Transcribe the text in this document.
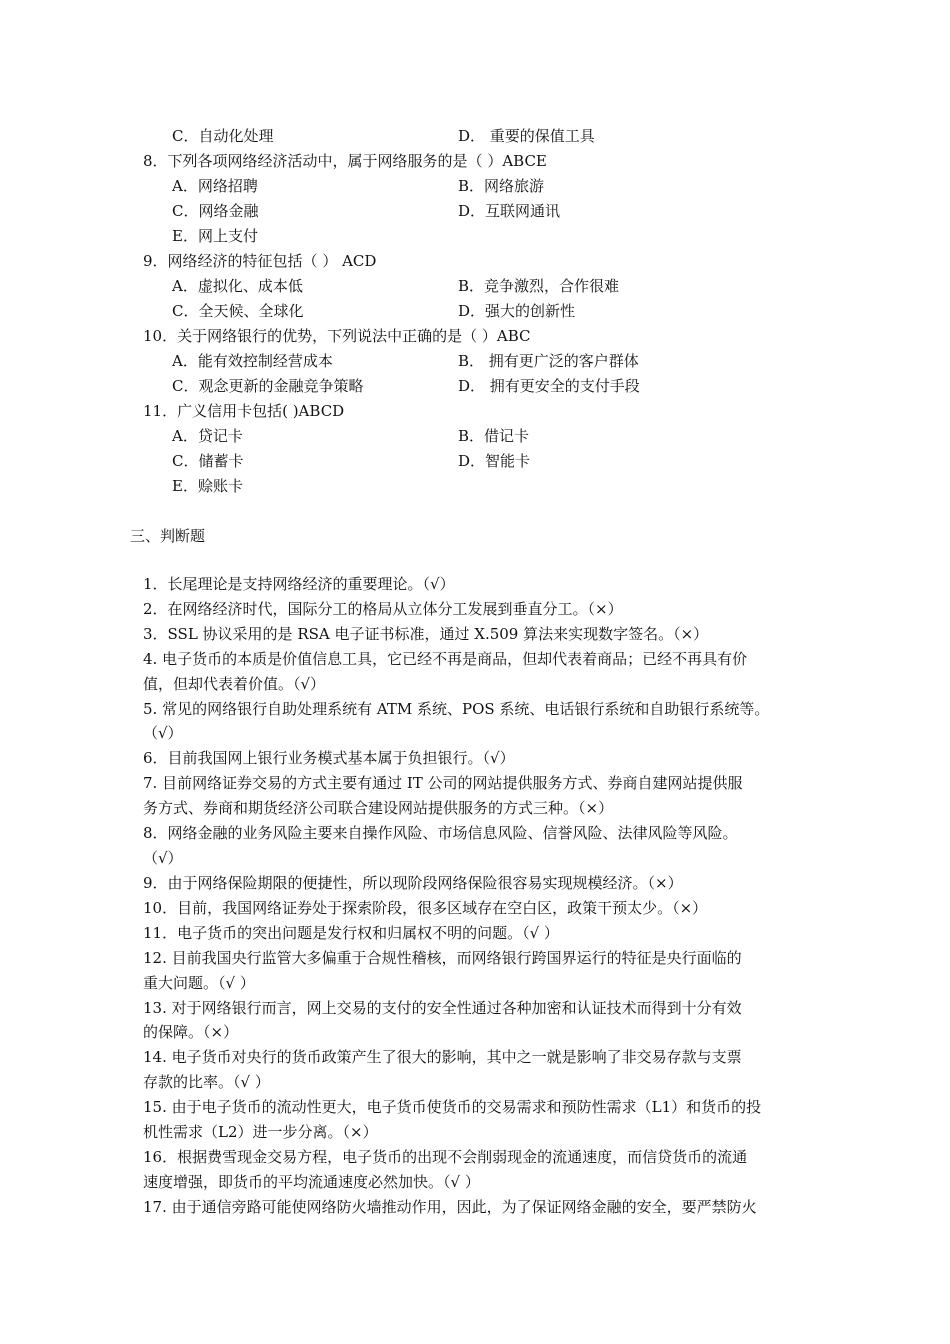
C．自动化处理	D． 重要的保值工具
8．下列各项网络经济活动中，属于网络服务的是（ ）ABCE
A．网络招聘	B．网络旅游
C．网络金融	D．互联网通讯
E．网上支付
9．网络经济的特征包括（ ） ACD
A．虚拟化、成本低	B．竞争激烈，合作很难
C．全天候、全球化	D．强大的创新性
10．关于网络银行的优势，下列说法中正确的是（ ）ABC
A．能有效控制经营成本	B． 拥有更广泛的客户群体
C．观念更新的金融竞争策略	D． 拥有更安全的支付手段
11．广义信用卡包括( )ABCD
A．贷记卡	B．借记卡
C．储蓄卡	D．智能卡
E．赊账卡
三、判断题
1．长尾理论是支持网络经济的重要理论。（√）
2．在网络经济时代，国际分工的格局从立体分工发展到垂直分工。（×）
3．SSL 协议采用的是 RSA 电子证书标准，通过 X.509 算法来实现数字签名。（×）
4. 电子货币的本质是价值信息工具，它已经不再是商品，但却代表着商品；已经不再具有价
值，但却代表着价值。（√）
5. 常见的网络银行自助处理系统有 ATM 系统、POS 系统、电话银行系统和自助银行系统等。
（√）
6．目前我国网上银行业务模式基本属于负担银行。（√）
7. 目前网络证券交易的方式主要有通过 IT 公司的网站提供服务方式、券商自建网站提供服
务方式、券商和期货经济公司联合建设网站提供服务的方式三种。（×）
8．网络金融的业务风险主要来自操作风险、市场信息风险、信誉风险、法律风险等风险。
（√）
9．由于网络保险期限的便捷性，所以现阶段网络保险很容易实现规模经济。（×）
10．目前，我国网络证券处于探索阶段，很多区域存在空白区，政策干预太少。（×）
11．电子货币的突出问题是发行权和归属权不明的问题。（√ ）
12. 目前我国央行监管大多偏重于合规性稽核，而网络银行跨国界运行的特征是央行面临的
重大问题。（√ ）
13. 对于网络银行而言，网上交易的支付的安全性通过各种加密和认证技术而得到十分有效
的保障。（×）
14. 电子货币对央行的货币政策产生了很大的影响，其中之一就是影响了非交易存款与支票
存款的比率。（√ ）
15. 由于电子货币的流动性更大，电子货币使货币的交易需求和预防性需求（L1）和货币的投
机性需求（L2）进一步分离。（×）
16．根据费雪现金交易方程，电子货币的出现不会削弱现金的流通速度，而信贷货币的流通
速度增强，即货币的平均流通速度必然加快。（√ ）
17. 由于通信旁路可能使网络防火墙推动作用，因此，为了保证网络金融的安全，要严禁防火
